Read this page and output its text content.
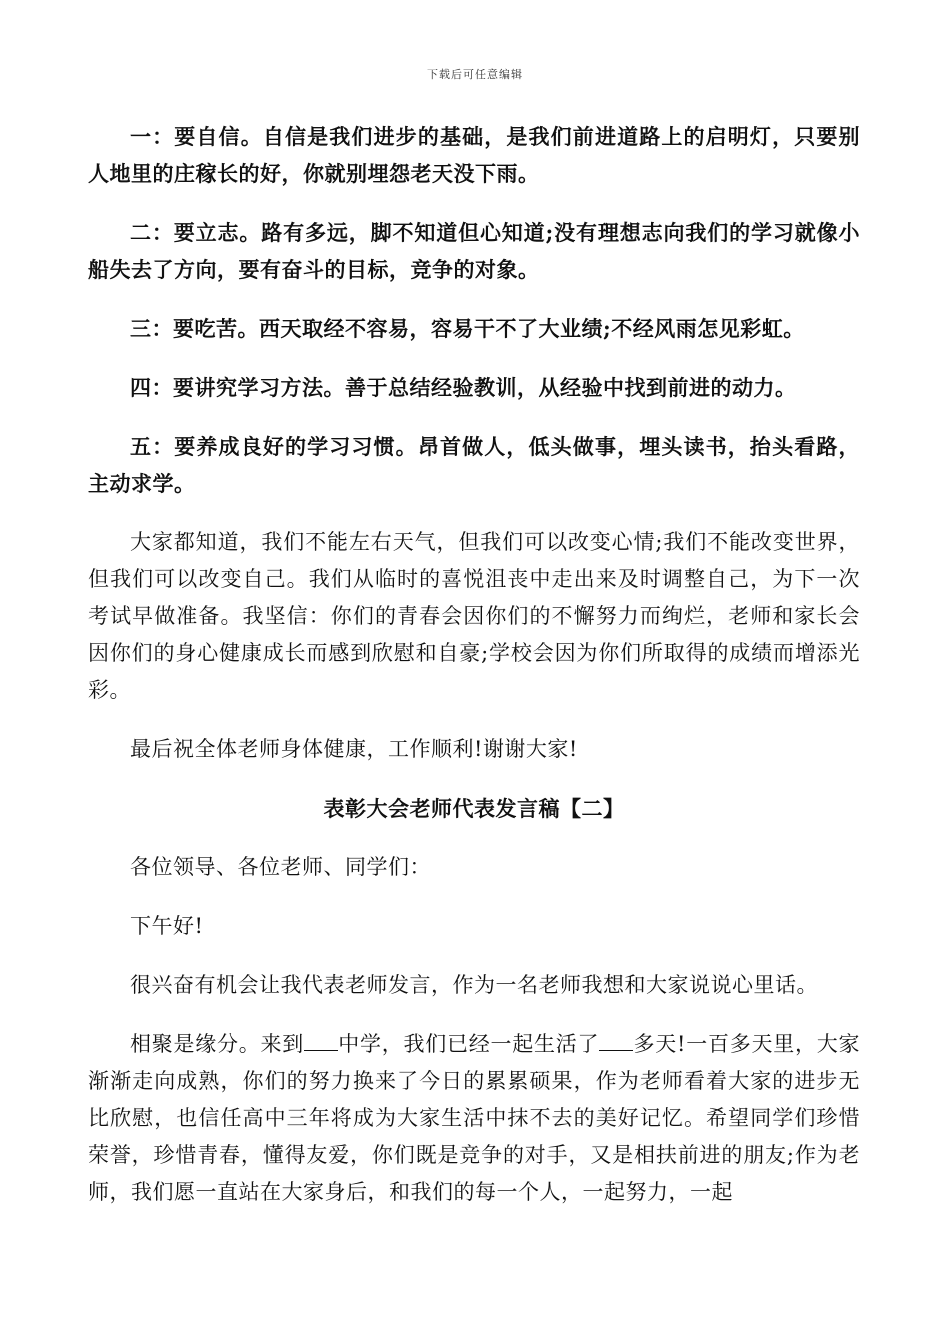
下载后可任意编辑

一：要自信。自信是我们进步的基础，是我们前进道路上的启明灯，只要别人地里的庄稼长的好，你就别埋怨老天没下雨。

二：要立志。路有多远，脚不知道但心知道;没有理想志向我们的学习就像小船失去了方向，要有奋斗的目标，竞争的对象。

三：要吃苦。西天取经不容易，容易干不了大业绩;不经风雨怎见彩虹。

四：要讲究学习方法。善于总结经验教训，从经验中找到前进的动力。

五：要养成良好的学习习惯。昂首做人，低头做事，埋头读书，抬头看路，主动求学。

大家都知道，我们不能左右天气，但我们可以改变心情;我们不能改变世界，但我们可以改变自己。我们从临时的喜悦沮丧中走出来及时调整自己，为下一次考试早做准备。我坚信：你们的青春会因你们的不懈努力而绚烂，老师和家长会因你们的身心健康成长而感到欣慰和自豪;学校会因为你们所取得的成绩而增添光彩。

最后祝全体老师身体健康，工作顺利!谢谢大家!

表彰大会老师代表发言稿【二】

各位领导、各位老师、同学们：

下午好!

很兴奋有机会让我代表老师发言，作为一名老师我想和大家说说心里话。

相聚是缘分。来到 中学，我们已经一起生活了 多天!一百多天里，大家渐渐走向成熟，你们的努力换来了今日的累累硕果，作为老师看着大家的进步无比欣慰，也信任高中三年将成为大家生活中抹不去的美好记忆。希望同学们珍惜荣誉，珍惜青春，懂得友爱，你们既是竞争的对手，又是相扶前进的朋友;作为老师，我们愿一直站在大家身后，和我们的每一个人，一起努力，一起
